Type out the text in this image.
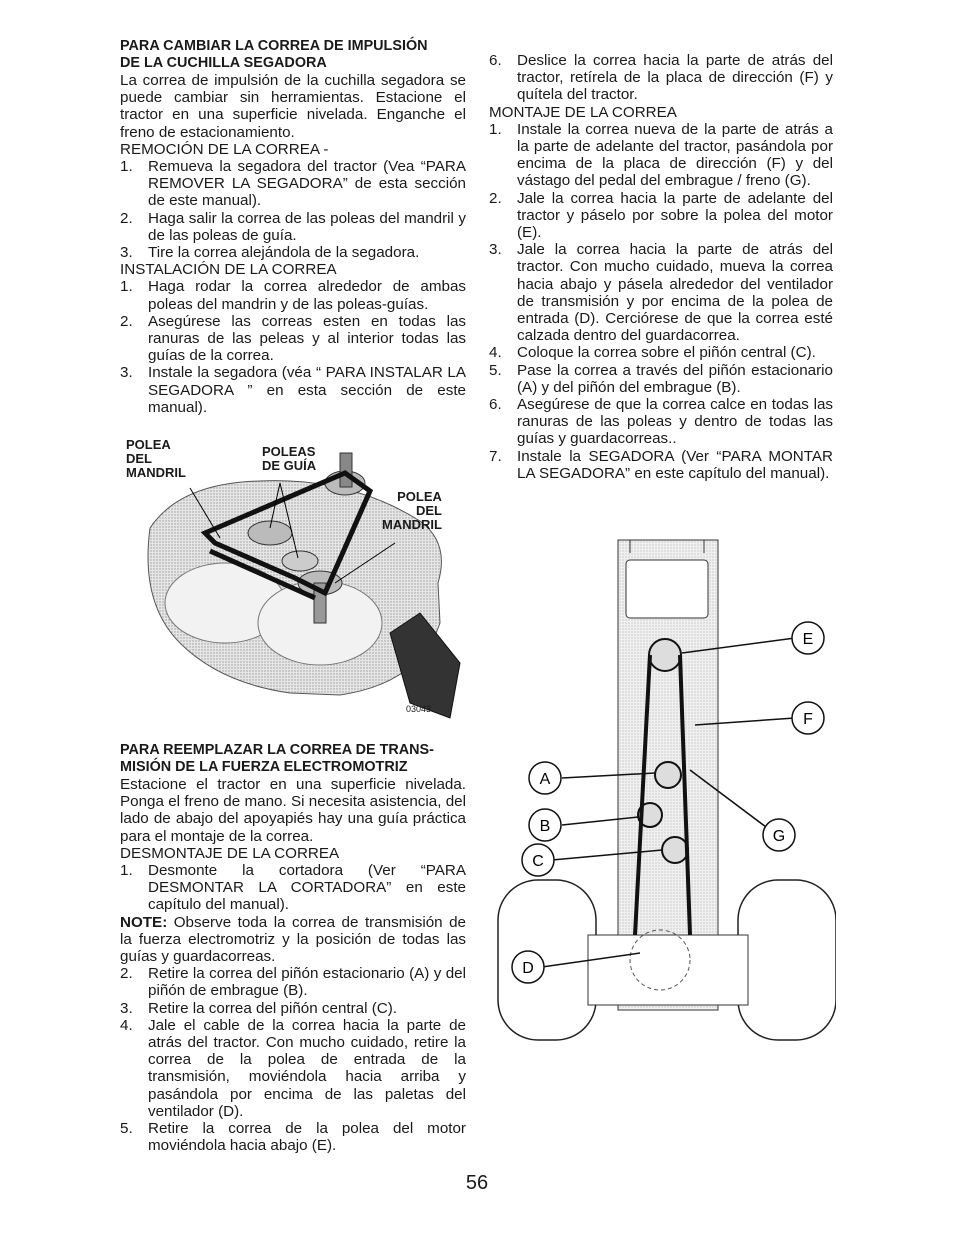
PARA CAMBIAR LA CORREA DE IMPULSIÓN
DE LA CUCHILLA SEGADORA

La correa de impulsión de la cuchilla segadora se puede cambiar sin herramientas. Estacione el tractor en una superficie nivelada. Enganche el freno de estacionamiento.

REMOCIÓN DE LA CORREA -

1.	Remueva la segadora del tractor (Vea “PARA REMOVER LA SEGADORA” de esta sección de este manual).
2.	Haga salir la correa de las poleas del mandril y de las poleas de guía.
3.	Tire la correa alejándola de la segadora.

INSTALACIÓN DE LA CORREA

1.	Haga rodar la correa alrededor de ambas poleas del mandrin y de las poleas-guías.
2.	Asegúrese las correas esten en todas las ranuras de las peleas y al interior todas las guías de la correa.
3.	Instale la segadora (véa “ PARA INSTALAR LA SEGADORA ” en esta sección de este manual).
POLEA
DEL
MANDRIL
POLEAS
DE GUÍA
POLEA
DEL
MANDRIL
03043
PARA REEMPLAZAR LA CORREA DE TRANS-
MISIÓN DE LA FUERZA ELECTROMOTRIZ

Estacione el tractor en una superficie nivelada. Ponga el freno de mano. Si necesita asistencia, del lado de abajo del apoyapiés hay una guía práctica para el montaje de la correa.

DESMONTAJE DE LA CORREA

1.	Desmonte la cortadora (Ver “PARA DESMONTAR LA CORTADORA” en este capítulo del manual).

NOTE: Observe toda la correa de transmisión de la fuerza electromotriz y la posición de todas las guías y guardacorreas.

2.	Retire la correa del piñón estacionario (A) y del piñón de embrague (B).
3.	Retire la correa del piñón central (C).
4.	Jale el cable de la correa hacia la parte de atrás del tractor. Con mucho cuidado, retire la correa de la polea de entrada de la transmisión, moviéndola hacia arriba y pasándola por encima de las paletas del ventilador (D).
5.	Retire la correa de la polea del motor moviéndola hacia abajo (E).
6.	Deslice la correa hacia la parte de atrás del tractor, retírela de la placa de dirección (F) y quítela del tractor.

MONTAJE DE LA CORREA

1.	Instale la correa nueva de la parte de atrás a la parte de adelante del tractor, pasándola por encima de la placa de dirección (F) y del vástago del pedal del embrague / freno (G).
2.	Jale la correa hacia la parte de adelante del tractor y páselo por sobre la polea del motor (E).
3.	Jale la correa hacia la parte de atrás del tractor. Con mucho cuidado, mueva la correa hacia abajo y pásela alrededor del ventilador de transmisión y por encima de la polea de entrada (D). Cerciórese de que la correa esté calzada dentro del guardacorrea.
4.	Coloque la correa sobre el piñón central (C).
5.	Pase la correa a través del piñón estacionario (A) y del piñón del embrague (B).
6.	Asegúrese de que la correa calce en todas las ranuras de las poleas y dentro de todas las guías y guardacorreas..
7.	Instale la SEGADORA (Ver “PARA MONTAR LA SEGADORA” en este capítulo del manual).
E
F
A
B
G
C
D
56
